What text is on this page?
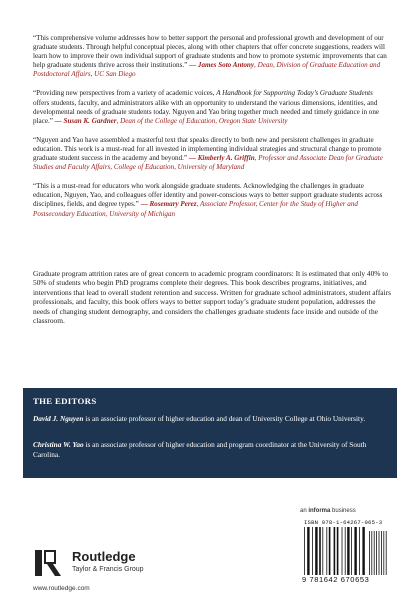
“This comprehensive volume addresses how to better support the personal and professional growth and development of our graduate students. Through helpful conceptual pieces, along with other chapters that offer concrete suggestions, readers will learn how to improve their own individual support of graduate students and how to promote systemic improvements that can help graduate students thrive across their institutions.” — James Soto Antony, Dean, Division of Graduate Education and Postdoctoral Affairs, UC San Diego

“Providing new perspectives from a variety of academic voices, A Handbook for Supporting Today’s Graduate Students offers students, faculty, and administrators alike with an opportunity to understand the various dimensions, identities, and developmental needs of graduate students today. Nguyen and Yao bring together much needed and timely guidance in one place.” — Susan K. Gardner, Dean of the College of Education, Oregon State University

“Nguyen and Yao have assembled a masterful text that speaks directly to both new and persistent challenges in graduate education. This work is a must-read for all invested in implementing individual strategies and structural change to promote graduate student success in the academy and beyond.” — Kimberly A. Griffin, Professor and Associate Dean for Graduate Studies and Faculty Affairs, College of Education, University of Maryland

“This is a must-read for educators who work alongside graduate students. Acknowledging the challenges in graduate education, Nguyen, Yao, and colleagues offer identity and power-conscious ways to better support graduate students across disciplines, fields, and degree types.” — Rosemary Perez, Associate Professor, Center for the Study of Higher and Postsecondary Education, University of Michigan

Graduate program attrition rates are of great concern to academic program coordinators: It is estimated that only 40% to 50% of students who begin PhD programs complete their degrees. This book describes programs, initiatives, and interventions that lead to overall student retention and success. Written for graduate school administrators, student affairs professionals, and faculty, this book offers ways to better support today’s graduate student population, addresses the needs of changing student demography, and considers the challenges graduate students face inside and outside of the classroom.

THE EDITORS

David J. Nguyen is an associate professor of higher education and dean of University College at Ohio University.

Christina W. Yao is an associate professor of higher education and program coordinator at the University of South Carolina.

an informa business
Routledge
Taylor & Francis Group
www.routledge.com
ISBN 978-1-64267-065-3
9 781642 670653
